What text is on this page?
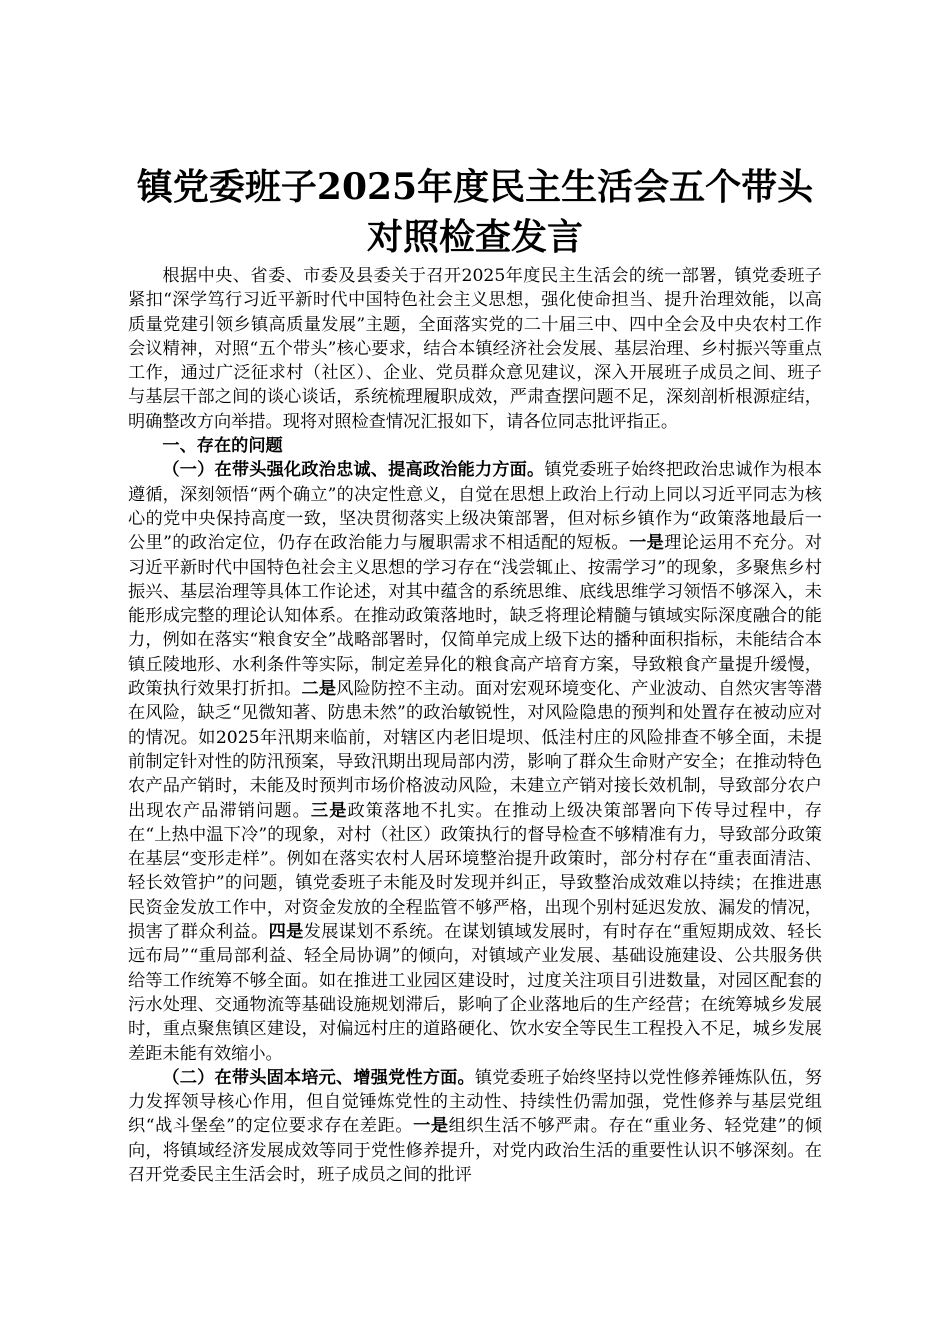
镇党委班子2025年度民主生活会五个带头对照检查发言

根据中央、省委、市委及县委关于召开2025年度民主生活会的统一部署，镇党委班子紧扣“深学笃行习近平新时代中国特色社会主义思想，强化使命担当、提升治理效能，以高质量党建引领乡镇高质量发展”主题，全面落实党的二十届三中、四中全会及中央农村工作会议精神，对照“五个带头”核心要求，结合本镇经济社会发展、基层治理、乡村振兴等重点工作，通过广泛征求村（社区）、企业、党员群众意见建议，深入开展班子成员之间、班子与基层干部之间的谈心谈话，系统梳理履职成效，严肃查摆问题不足，深刻剖析根源症结，明确整改方向举措。现将对照检查情况汇报如下，请各位同志批评指正。

一、存在的问题

（一）在带头强化政治忠诚、提高政治能力方面。镇党委班子始终把政治忠诚作为根本遵循，深刻领悟“两个确立”的决定性意义，自觉在思想上政治上行动上同以习近平同志为核心的党中央保持高度一致，坚决贯彻落实上级决策部署，但对标乡镇作为“政策落地最后一公里”的政治定位，仍存在政治能力与履职需求不相适配的短板。一是理论运用不充分。对习近平新时代中国特色社会主义思想的学习存在“浅尝辄止、按需学习”的现象，多聚焦乡村振兴、基层治理等具体工作论述，对其中蕴含的系统思维、底线思维学习领悟不够深入，未能形成完整的理论认知体系。在推动政策落地时，缺乏将理论精髓与镇域实际深度融合的能力，例如在落实“粮食安全”战略部署时，仅简单完成上级下达的播种面积指标，未能结合本镇丘陵地形、水利条件等实际，制定差异化的粮食高产培育方案，导致粮食产量提升缓慢，政策执行效果打折扣。二是风险防控不主动。面对宏观环境变化、产业波动、自然灾害等潜在风险，缺乏“见微知著、防患未然”的政治敏锐性，对风险隐患的预判和处置存在被动应对的情况。如2025年汛期来临前，对辖区内老旧堤坝、低洼村庄的风险排查不够全面，未提前制定针对性的防汛预案，导致汛期出现局部内涝，影响了群众生命财产安全；在推动特色农产品产销时，未能及时预判市场价格波动风险，未建立产销对接长效机制，导致部分农户出现农产品滞销问题。三是政策落地不扎实。在推动上级决策部署向下传导过程中，存在“上热中温下冷”的现象，对村（社区）政策执行的督导检查不够精准有力，导致部分政策在基层“变形走样”。例如在落实农村人居环境整治提升政策时，部分村存在“重表面清洁、轻长效管护”的问题，镇党委班子未能及时发现并纠正，导致整治成效难以持续；在推进惠民资金发放工作中，对资金发放的全程监管不够严格，出现个别村延迟发放、漏发的情况，损害了群众利益。四是发展谋划不系统。在谋划镇域发展时，有时存在“重短期成效、轻长远布局”“重局部利益、轻全局协调”的倾向，对镇域产业发展、基础设施建设、公共服务供给等工作统筹不够全面。如在推进工业园区建设时，过度关注项目引进数量，对园区配套的污水处理、交通物流等基础设施规划滞后，影响了企业落地后的生产经营；在统筹城乡发展时，重点聚焦镇区建设，对偏远村庄的道路硬化、饮水安全等民生工程投入不足，城乡发展差距未能有效缩小。

（二）在带头固本培元、增强党性方面。镇党委班子始终坚持以党性修养锤炼队伍，努力发挥领导核心作用，但自觉锤炼党性的主动性、持续性仍需加强，党性修养与基层党组织“战斗堡垒”的定位要求存在差距。一是组织生活不够严肃。存在“重业务、轻党建”的倾向，将镇域经济发展成效等同于党性修养提升，对党内政治生活的重要性认识不够深刻。在召开党委民主生活会时，班子成员之间的批评
